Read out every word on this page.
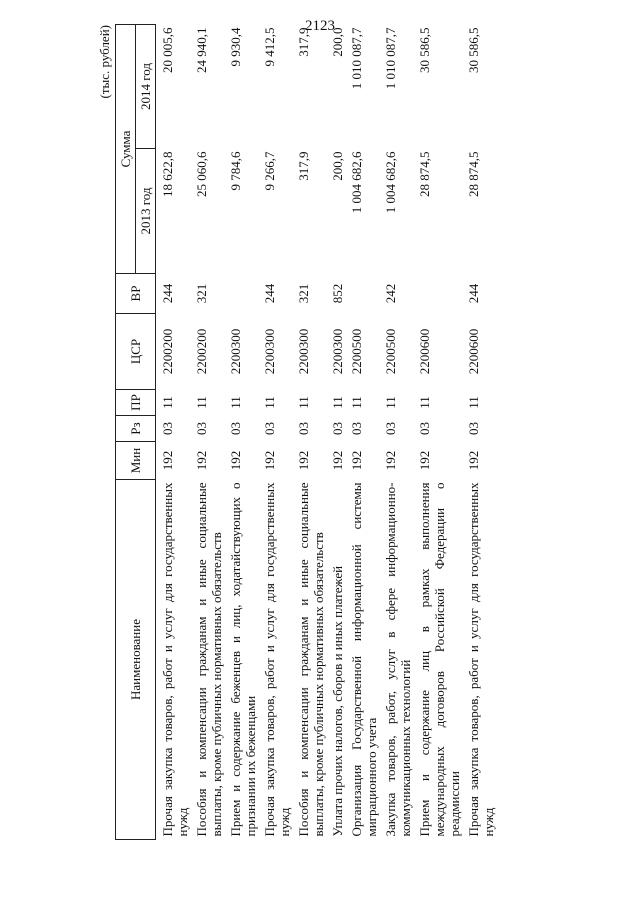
2123
(тыс. рублей)
Наименование	Мин	Рз	ПР	ЦСР	ВР	Сумма	
						2013 год	2014 год
Прочая закупка товаров, работ и услуг для государственных нужд	192	03	11	2200200	244	18 622,8	20 005,6
Пособия и компенсации гражданам и иные социальные выплаты, кроме публичных нормативных обязательств	192	03	11	2200200	321	25 060,6	24 940,1
Прием и содержание беженцев и лиц, ходатайствующих о признании их беженцами	192	03	11	2200300		9 784,6	9 930,4
Прочая закупка товаров, работ и услуг для государственных нужд	192	03	11	2200300	244	9 266,7	9 412,5
Пособия и компенсации гражданам и иные социальные выплаты, кроме публичных нормативных обязательств	192	03	11	2200300	321	317,9	317,9
Уплата прочих налогов, сборов и иных платежей	192	03	11	2200300	852	200,0	200,0
Организация Государственной информационной системы миграционного учета	192	03	11	2200500		1 004 682,6	1 010 087,7
Закупка товаров, работ, услуг в сфере информационно-коммуникационных технологий	192	03	11	2200500	242	1 004 682,6	1 010 087,7
Прием и содержание лиц в рамках выполнения международных договоров Российской Федерации о реадмиссии	192	03	11	2200600		28 874,5	30 586,5
Прочая закупка товаров, работ и услуг для государственных нужд	192	03	11	2200600	244	28 874,5	30 586,5
